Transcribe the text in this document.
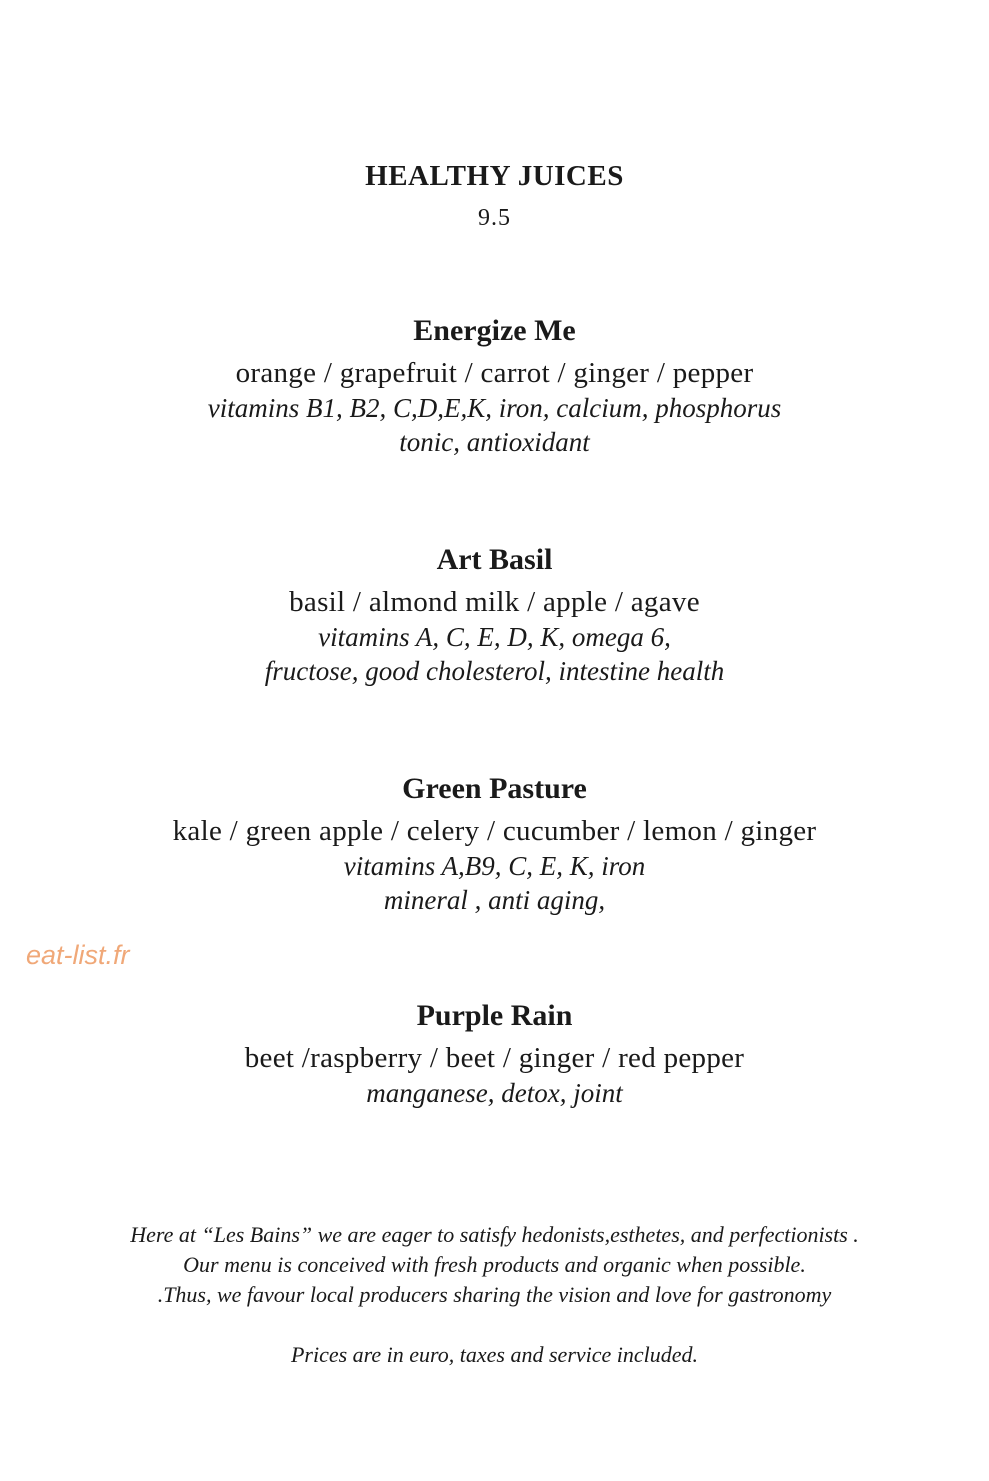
HEALTHY JUICES
9.5

Energize Me

orange / grapefruit / carrot / ginger / pepper

vitamins B1, B2, C,D,E,K, iron, calcium, phosphorus

tonic, antioxidant

Art Basil

basil / almond milk / apple / agave

vitamins A, C, E, D, K, omega 6,

fructose, good cholesterol, intestine health

Green Pasture

kale / green apple / celery / cucumber / lemon / ginger

vitamins A,B9, C, E, K, iron

mineral , anti aging,

Purple Rain

beet /raspberry / beet / ginger / red pepper

manganese, detox, joint

eat-list.fr

Here at “Les Bains” we are eager to satisfy hedonists,esthetes, and perfectionists .

Our menu is conceived with fresh products and organic when possible.

.Thus, we favour local producers sharing the vision and love for gastronomy

Prices are in euro, taxes and service included.
